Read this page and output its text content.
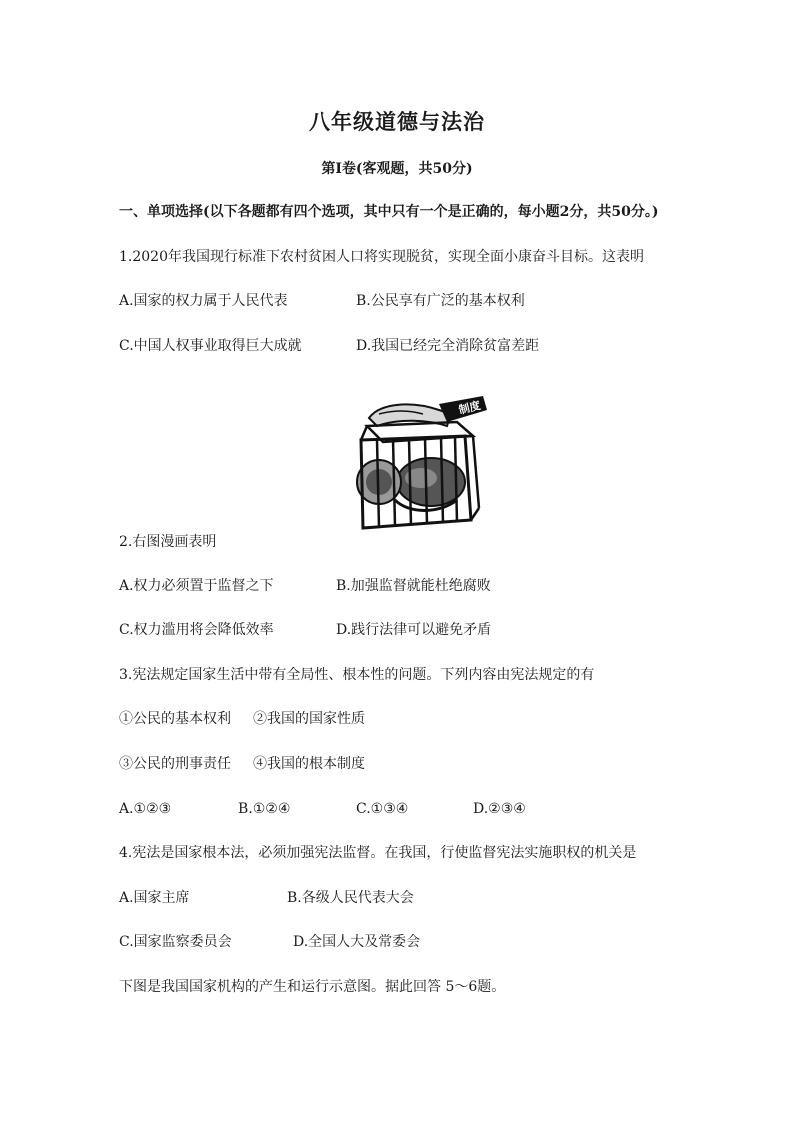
八年级道德与法治
第Ⅰ卷(客观题，共50分)
一、单项选择(以下各题都有四个选项，其中只有一个是正确的，每小题2分，共50分。)
1.2020年我国现行标准下农村贫困人口将实现脱贫，实现全面小康奋斗目标。这表明
A.国家的权力属于人民代表	B.公民享有广泛的基本权利
C.中国人权事业取得巨大成就	D.我国已经完全消除贫富差距
制度
2.右图漫画表明
A.权力必须置于监督之下	B.加强监督就能杜绝腐败
C.权力滥用将会降低效率	D.践行法律可以避免矛盾
3.宪法规定国家生活中带有全局性、根本性的问题。下列内容由宪法规定的有
①公民的基本权利 ②我国的国家性质
③公民的刑事责任 ④我国的根本制度
A.①②③	B.①②④	C.①③④	D.②③④
4.宪法是国家根本法，必须加强宪法监督。在我国，行使监督宪法实施职权的机关是
A.国家主席	B.各级人民代表大会
C.国家监察委员会	D.全国人大及常委会
下图是我国国家机构的产生和运行示意图。据此回答 5～6题。
